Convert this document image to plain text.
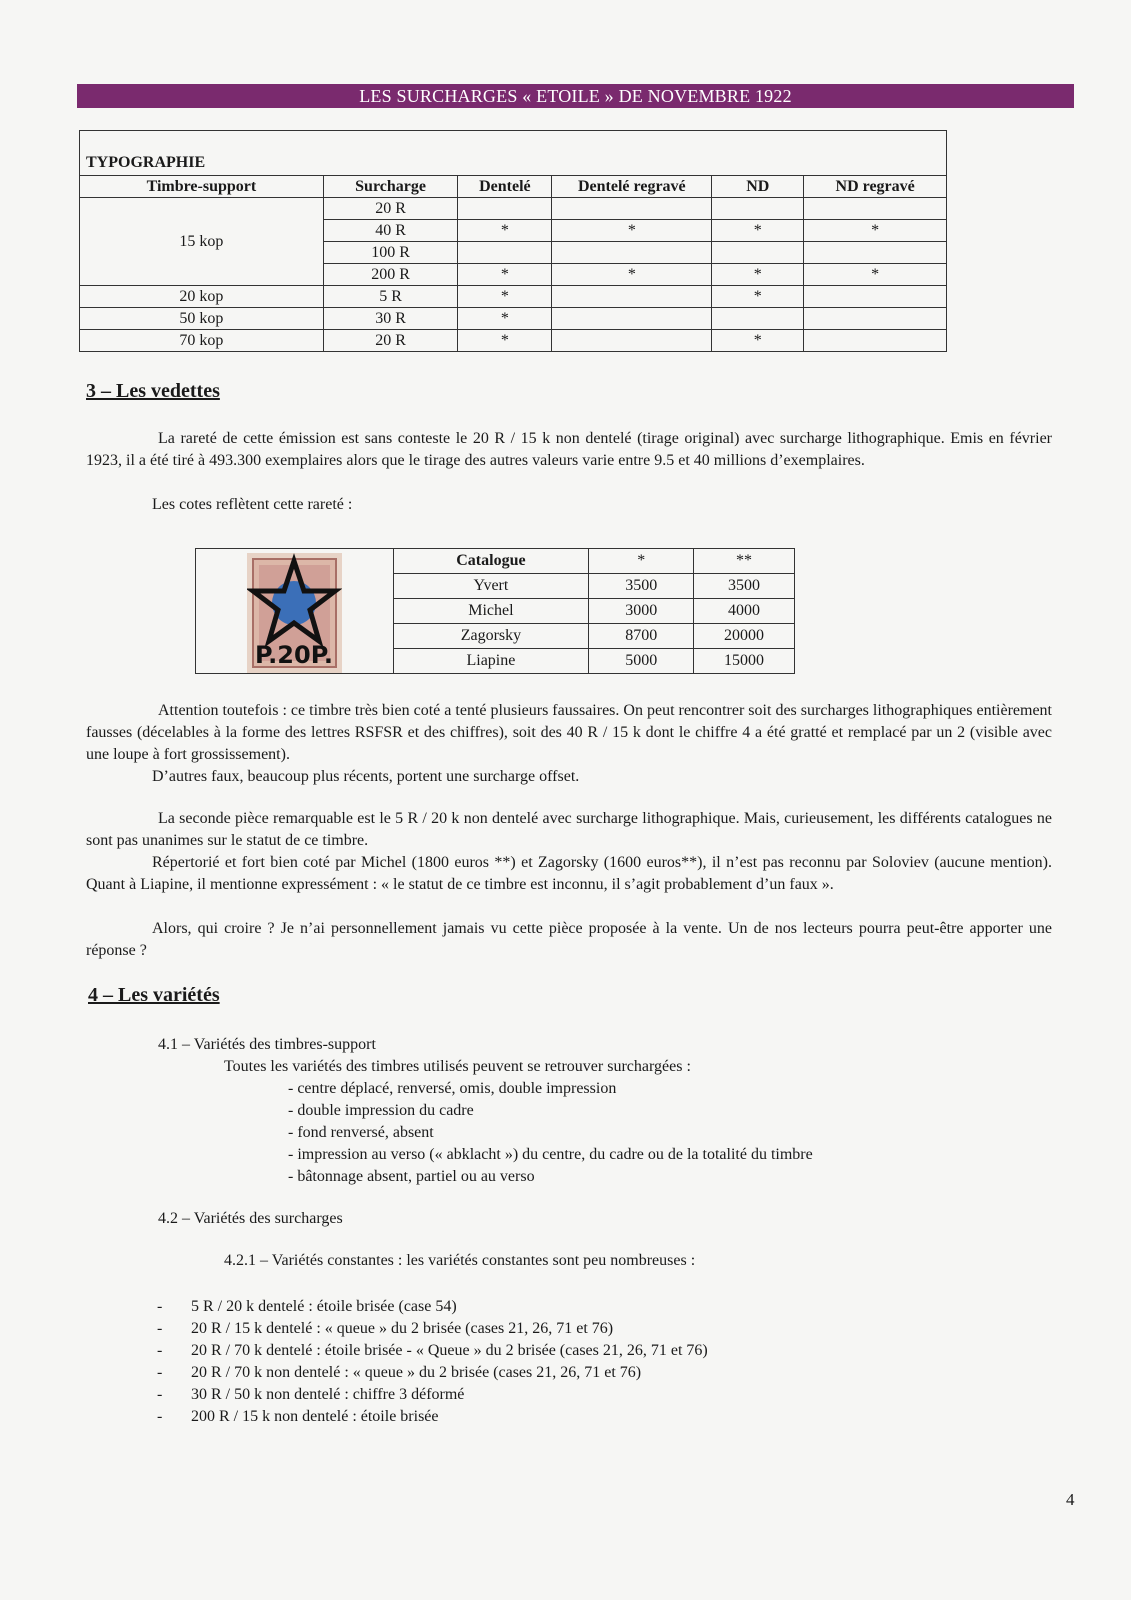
LES SURCHARGES « ETOILE » DE NOVEMBRE 1922
TYPOGRAPHIE					
Timbre-support	Surcharge	Dentelé	Dentelé regravé	ND	ND regravé
15 kop	20 R				
	40 R	*	*	*	*
	100 R				
	200 R	*	*	*	*
20 kop	5 R	*		*	
50 kop	30 R	*			
70 kop	20 R	*		*	
3 – Les vedettes

La rareté de cette émission est sans conteste le 20 R / 15 k non dentelé (tirage original) avec surcharge lithographique. Emis en février 1923, il a été tiré à 493.300 exemplaires alors que le tirage des autres valeurs varie entre 9.5 et 40 millions d’exemplaires.

Les cotes reflètent cette rareté :

	Catalogue	*	**
	Yvert	3500	3500
	Michel	3000	4000
	Zagorsky	8700	20000
	Liapine	5000	15000
P.20P.

Attention toutefois : ce timbre très bien coté a tenté plusieurs faussaires. On peut rencontrer soit des surcharges lithographiques entièrement fausses (décelables à la forme des lettres RSFSR et des chiffres), soit des 40 R / 15 k dont le chiffre 4 a été gratté et remplacé par un 2 (visible avec une loupe à fort grossissement).

D’autres faux, beaucoup plus récents, portent une surcharge offset.

La seconde pièce remarquable est le 5 R / 20 k non dentelé avec surcharge lithographique. Mais, curieusement, les différents catalogues ne sont pas unanimes sur le statut de ce timbre.

Répertorié et fort bien coté par Michel (1800 euros **) et Zagorsky (1600 euros**), il n’est pas reconnu par Soloviev (aucune mention). Quant à Liapine, il mentionne expressément : « le statut de ce timbre est inconnu, il s’agit probablement d’un faux ».

Alors, qui croire ? Je n’ai personnellement jamais vu cette pièce proposée à la vente. Un de nos lecteurs pourra peut-être apporter une réponse ?

4 – Les variétés

4.1 – Variétés des timbres-support

Toutes les variétés des timbres utilisés peuvent se retrouver surchargées :

- centre déplacé, renversé, omis, double impression
- double impression du cadre
- fond renversé, absent
- impression au verso (« abklacht ») du centre, du cadre ou de la totalité du timbre
- bâtonnage absent, partiel ou au verso

4.2 – Variétés des surcharges

4.2.1 – Variétés constantes : les variétés constantes sont peu nombreuses :

- 5 R / 20 k dentelé : étoile brisée (case 54)
- 20 R / 15 k dentelé : « queue » du 2 brisée (cases 21, 26, 71 et 76)
- 20 R / 70 k dentelé : étoile brisée - « Queue » du 2 brisée (cases 21, 26, 71 et 76)
- 20 R / 70 k non dentelé : « queue » du 2 brisée (cases 21, 26, 71 et 76)
- 30 R / 50 k non dentelé : chiffre 3 déformé
- 200 R / 15 k non dentelé : étoile brisée
4
